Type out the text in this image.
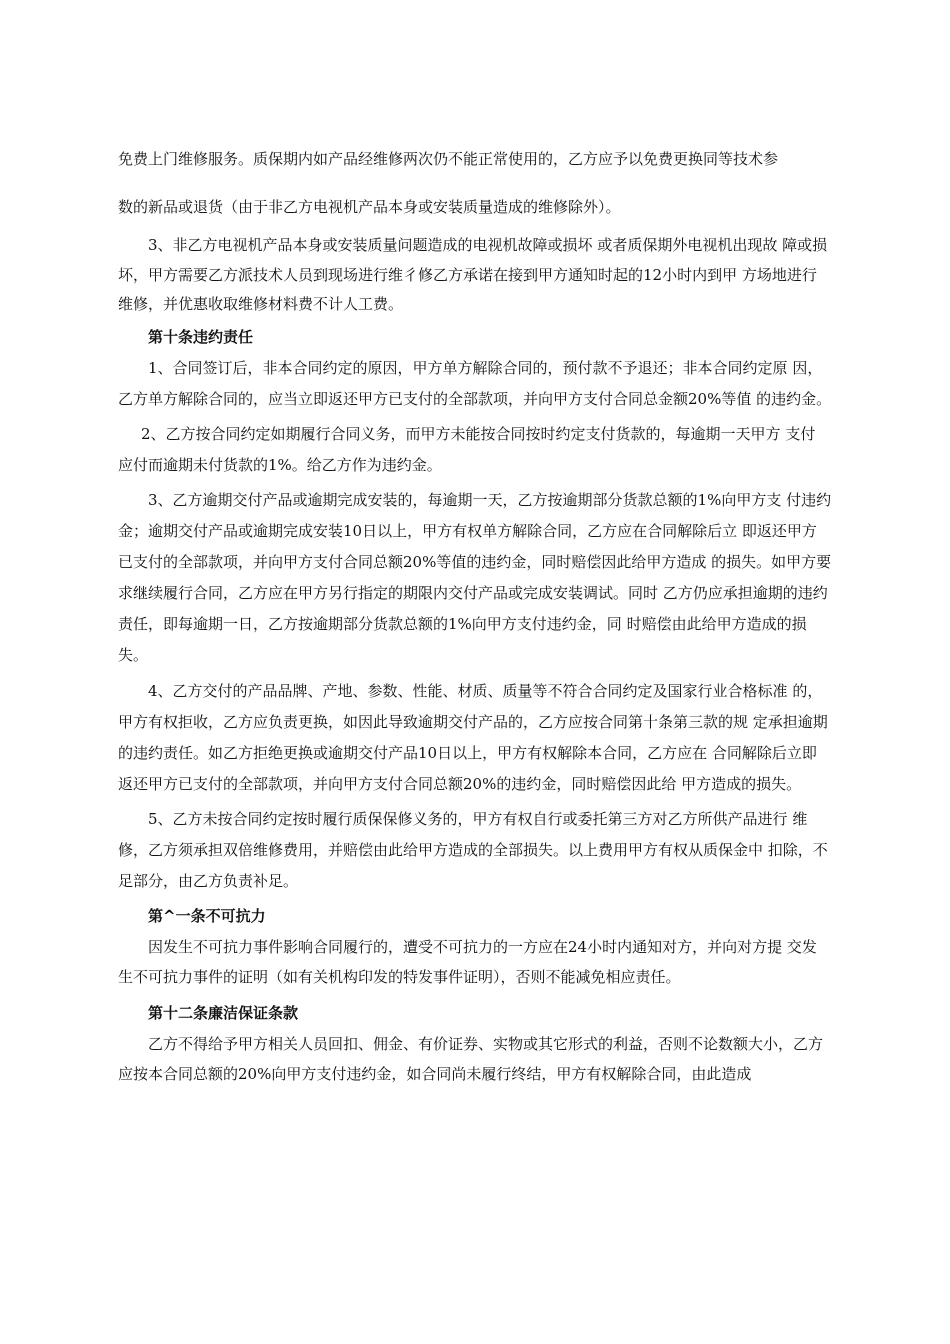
免费上门维修服务。质保期内如产品经维修两次仍不能正常使用的，乙方应予以免费更换同等技术参
数的新品或退货（由于非乙方电视机产品本身或安装质量造成的维修除外）。
3、非乙方电视机产品本身或安装质量问题造成的电视机故障或损坏 或者质保期外电视机出现故 障或损
坏，甲方需要乙方派技术人员到现场进行维彳修乙方承诺在接到甲方通知时起的12小时内到甲 方场地进行
维修，并优惠收取维修材料费不计人工费。
第十条违约责任
1、合同签订后，非本合同约定的原因，甲方单方解除合同的，预付款不予退还；非本合同约定原 因，
乙方单方解除合同的，应当立即返还甲方已支付的全部款项，并向甲方支付合同总金额20%等值 的违约金。
2、乙方按合同约定如期履行合同义务，而甲方未能按合同按时约定支付货款的，每逾期一天甲方 支付
应付而逾期未付货款的1%。给乙方作为违约金。
3、乙方逾期交付产品或逾期完成安装的，每逾期一天，乙方按逾期部分货款总额的1%向甲方支 付违约
金；逾期交付产品或逾期完成安装10日以上，甲方有权单方解除合同，乙方应在合同解除后立 即返还甲方
已支付的全部款项，并向甲方支付合同总额20%等值的违约金，同时赔偿因此给甲方造成 的损失。如甲方要
求继续履行合同，乙方应在甲方另行指定的期限内交付产品或完成安装调试。同时 乙方仍应承担逾期的违约
责任，即每逾期一日，乙方按逾期部分货款总额的1%向甲方支付违约金，同 时赔偿由此给甲方造成的损
失。
4、乙方交付的产品品牌、产地、参数、性能、材质、质量等不符合合同约定及国家行业合格标准 的，
甲方有权拒收，乙方应负责更换，如因此导致逾期交付产品的，乙方应按合同第十条第三款的规 定承担逾期
的违约责任。如乙方拒绝更换或逾期交付产品10日以上，甲方有权解除本合同，乙方应在 合同解除后立即
返还甲方已支付的全部款项，并向甲方支付合同总额20%的违约金，同时赔偿因此给 甲方造成的损失。
5、乙方未按合同约定按时履行质保保修义务的，甲方有权自行或委托第三方对乙方所供产品进行 维
修，乙方须承担双倍维修费用，并赔偿由此给甲方造成的全部损失。以上费用甲方有权从质保金中 扣除，不
足部分，由乙方负责补足。
第^一条不可抗力
因发生不可抗力事件影响合同履行的，遭受不可抗力的一方应在24小时内通知对方，并向对方提 交发
生不可抗力事件的证明（如有关机构印发的特发事件证明），否则不能减免相应责任。
第十二条廉洁保证条款
乙方不得给予甲方相关人员回扣、佣金、有价证券、实物或其它形式的利益，否则不论数额大小，乙方
应按本合同总额的20%向甲方支付违约金，如合同尚未履行终结，甲方有权解除合同，由此造成
